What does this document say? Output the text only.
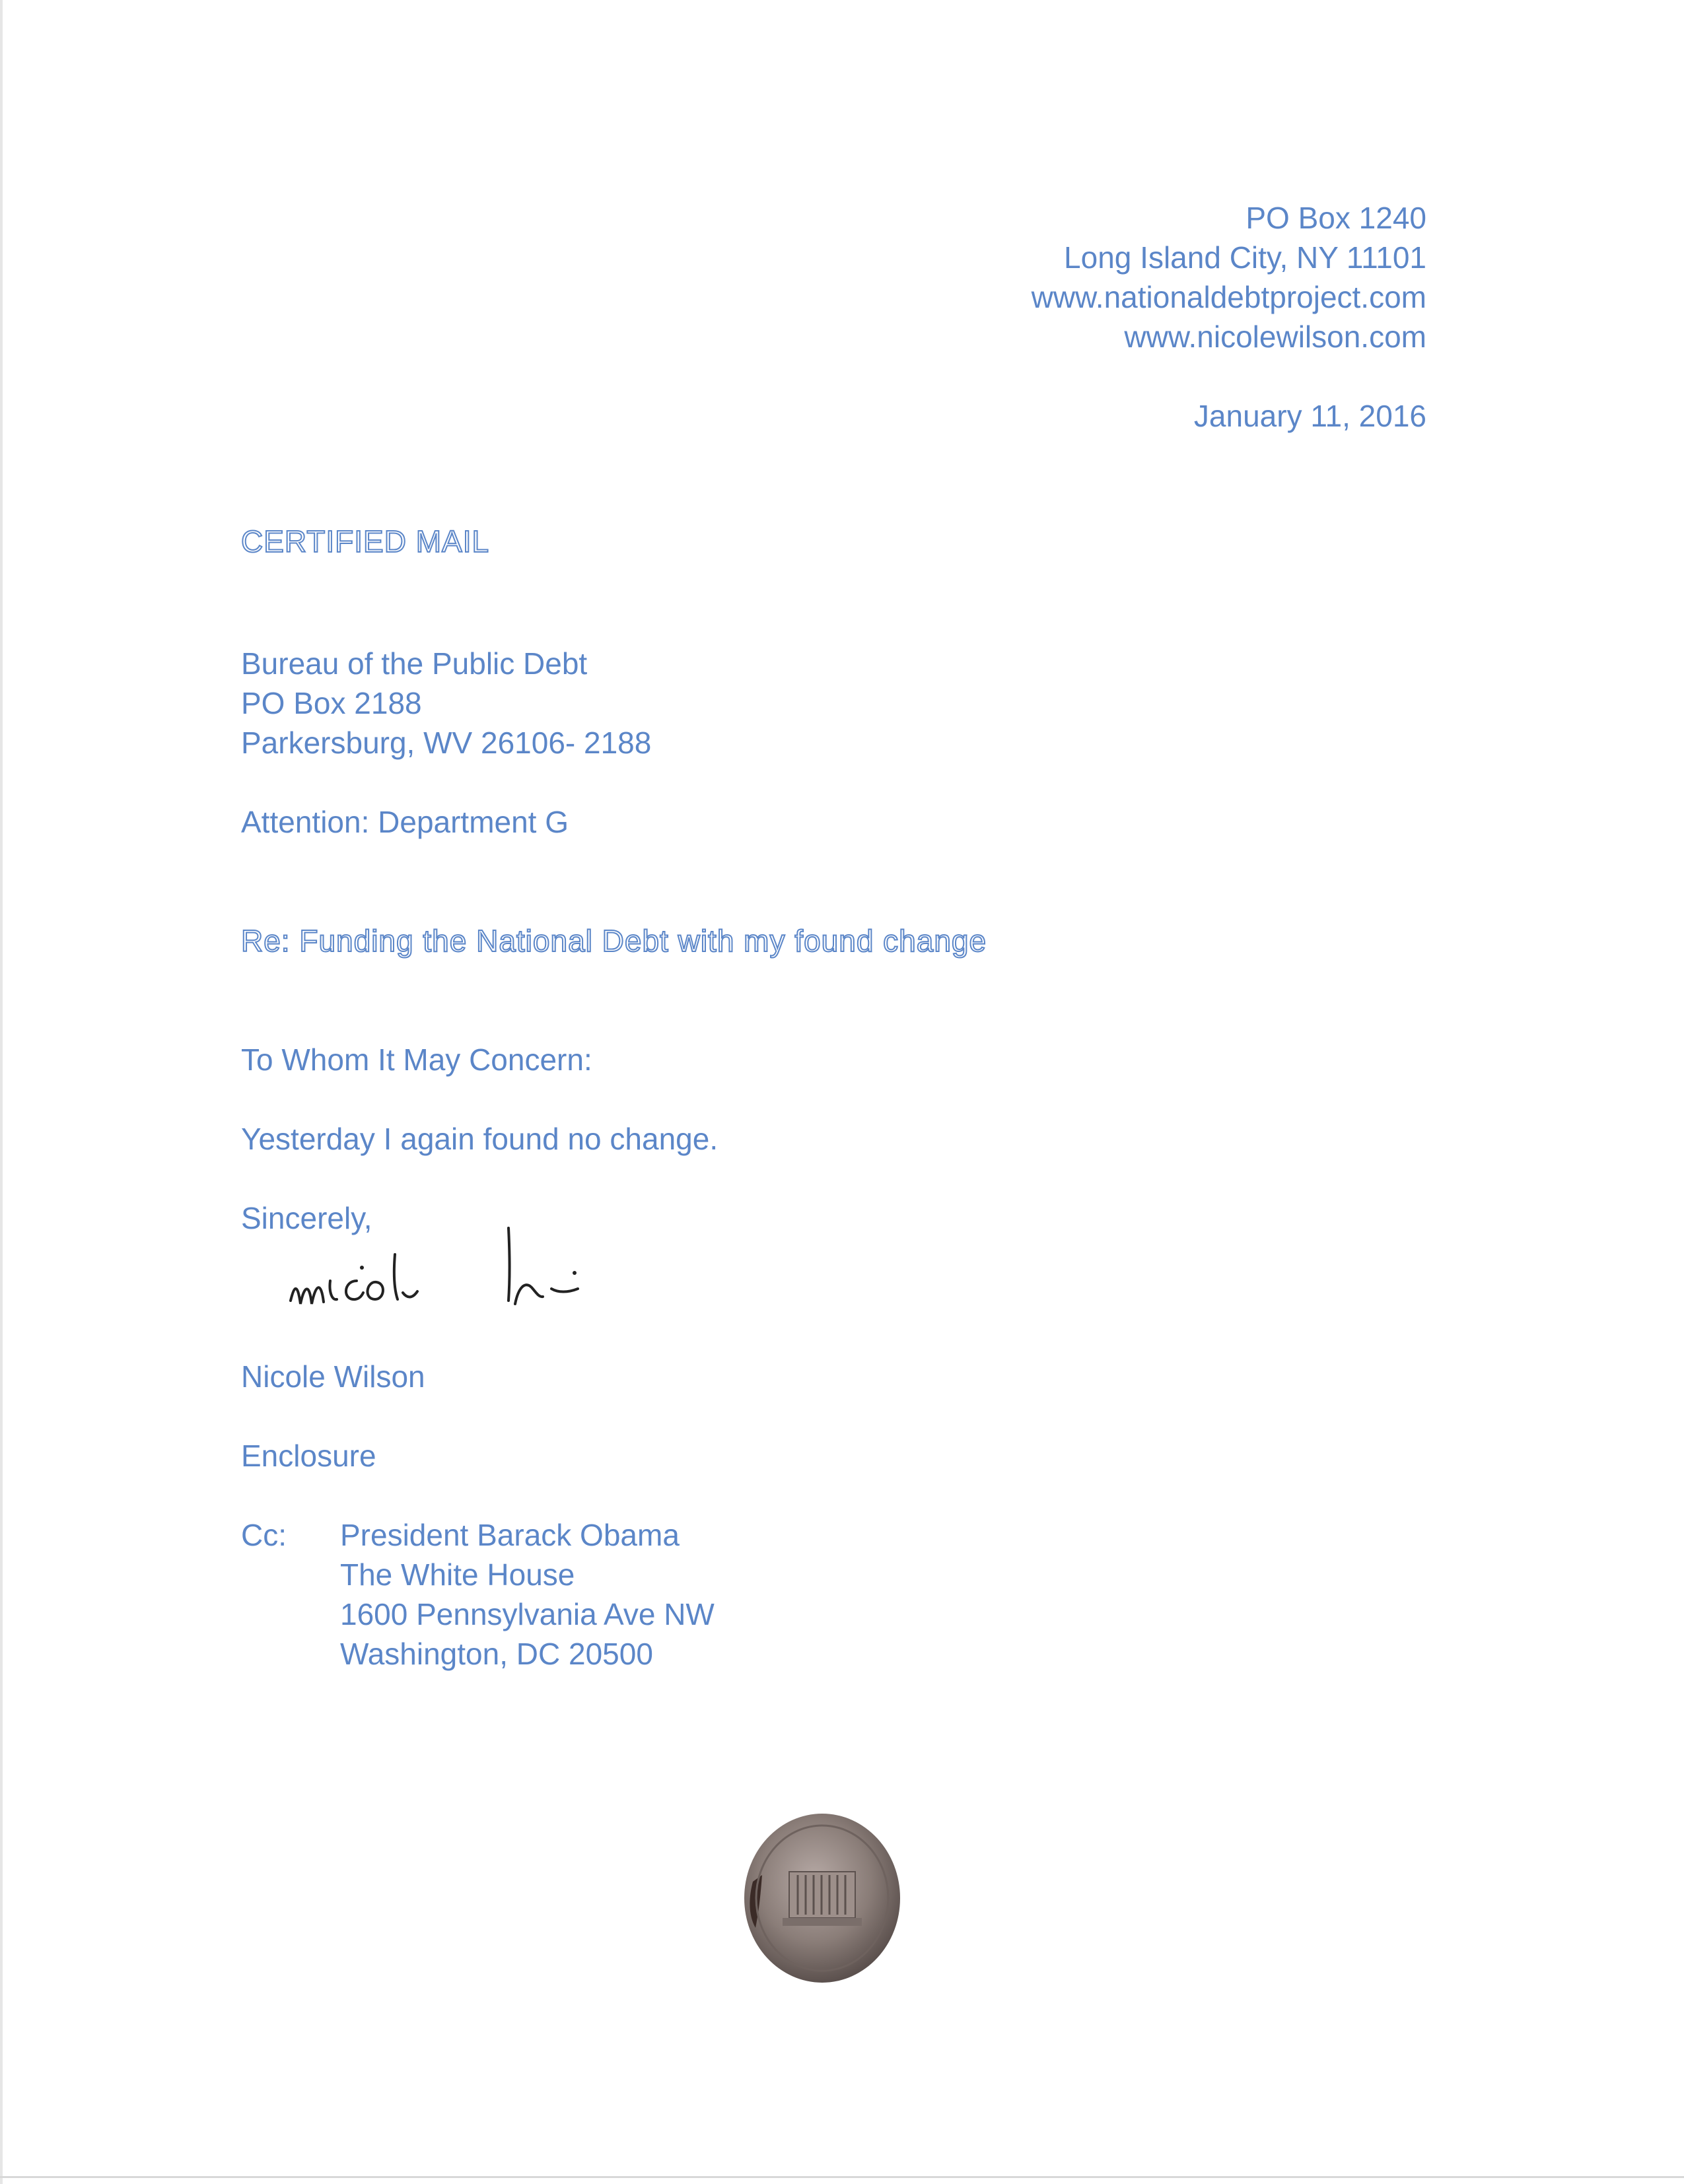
PO Box 1240
Long Island City, NY 11101
www.nationaldebtproject.com
www.nicolewilson.com
January 11, 2016
CERTIFIED MAIL
Bureau of the Public Debt
PO Box 2188
Parkersburg, WV 26106- 2188
Attention: Department G
Re: Funding the National Debt with my found change
To Whom It May Concern:
Yesterday I again found no change.
Sincerely,
Nicole Wilson
Enclosure
Cc: President Barack Obama
The White House
1600 Pennsylvania Ave NW
Washington, DC 20500
